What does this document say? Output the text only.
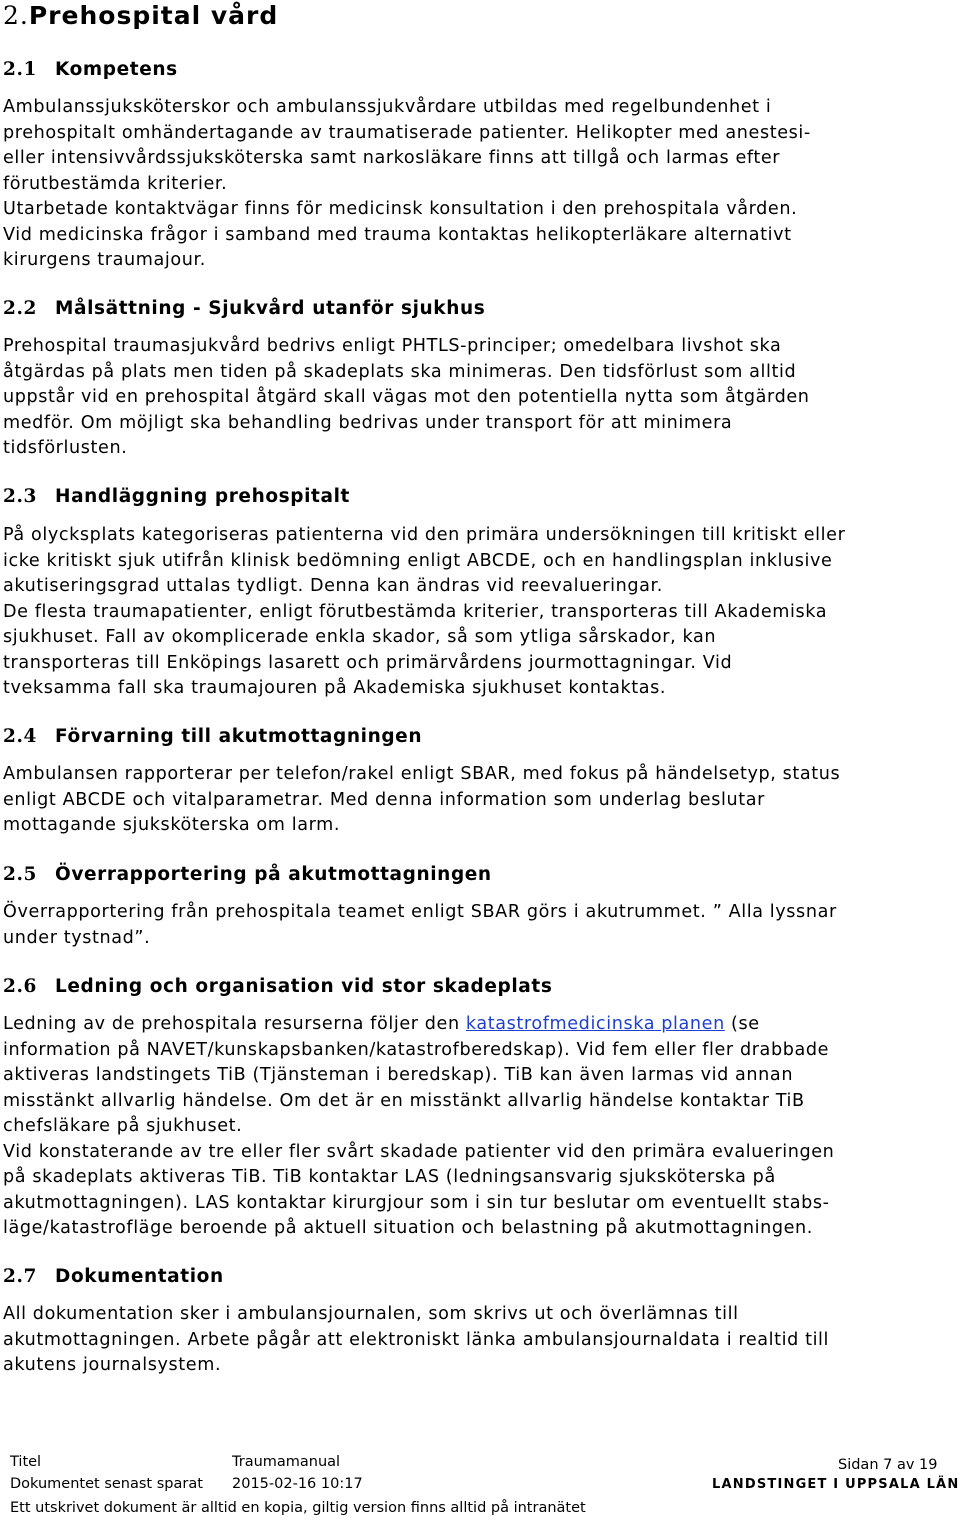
2.Prehospital vård
2.1 Kompetens
Ambulanssjuksköterskor och ambulanssjukvårdare utbildas med regelbundenhet i
prehospitalt omhändertagande av traumatiserade patienter. Helikopter med anestesi-
eller intensivvårdssjuksköterska samt narkosläkare finns att tillgå och larmas efter
förutbestämda kriterier.
Utarbetade kontaktvägar finns för medicinsk konsultation i den prehospitala vården.
Vid medicinska frågor i samband med trauma kontaktas helikopterläkare alternativt
kirurgens traumajour.
2.2 Målsättning - Sjukvård utanför sjukhus
Prehospital traumasjukvård bedrivs enligt PHTLS-principer; omedelbara livshot ska
åtgärdas på plats men tiden på skadeplats ska minimeras. Den tidsförlust som alltid
uppstår vid en prehospital åtgärd skall vägas mot den potentiella nytta som åtgärden
medför. Om möjligt ska behandling bedrivas under transport för att minimera
tidsförlusten.
2.3 Handläggning prehospitalt
På olycksplats kategoriseras patienterna vid den primära undersökningen till kritiskt eller
icke kritiskt sjuk utifrån klinisk bedömning enligt ABCDE, och en handlingsplan inklusive
akutiseringsgrad uttalas tydligt. Denna kan ändras vid reevalueringar.
De flesta traumapatienter, enligt förutbestämda kriterier, transporteras till Akademiska
sjukhuset. Fall av okomplicerade enkla skador, så som ytliga sårskador, kan
transporteras till Enköpings lasarett och primärvårdens jourmottagningar. Vid
tveksamma fall ska traumajouren på Akademiska sjukhuset kontaktas.
2.4 Förvarning till akutmottagningen
Ambulansen rapporterar per telefon/rakel enligt SBAR, med fokus på händelsetyp, status
enligt ABCDE och vitalparametrar. Med denna information som underlag beslutar
mottagande sjuksköterska om larm.
2.5 Överrapportering på akutmottagningen
Överrapportering från prehospitala teamet enligt SBAR görs i akutrummet. ” Alla lyssnar
under tystnad”.
2.6 Ledning och organisation vid stor skadeplats
Ledning av de prehospitala resurserna följer den katastrofmedicinska planen (se
information på NAVET/kunskapsbanken/katastrofberedskap). Vid fem eller fler drabbade
aktiveras landstingets TiB (Tjänsteman i beredskap). TiB kan även larmas vid annan
misstänkt allvarlig händelse. Om det är en misstänkt allvarlig händelse kontaktar TiB
chefsläkare på sjukhuset.
Vid konstaterande av tre eller fler svårt skadade patienter vid den primära evalueringen
på skadeplats aktiveras TiB. TiB kontaktar LAS (ledningsansvarig sjuksköterska på
akutmottagningen). LAS kontaktar kirurgjour som i sin tur beslutar om eventuellt stabs-
läge/katastrofläge beroende på aktuell situation och belastning på akutmottagningen.
2.7 Dokumentation
All dokumentation sker i ambulansjournalen, som skrivs ut och överlämnas till
akutmottagningen. Arbete pågår att elektroniskt länka ambulansjournaldata i realtid till
akutens journalsystem.
Titel	Traumamanual	Sidan 7 av 19
Dokumentet senast sparat 2015-02-16 10:17	LANDSTINGET I UPPSALA LÄN
Ett utskrivet dokument är alltid en kopia, giltig version finns alltid på intranätet
